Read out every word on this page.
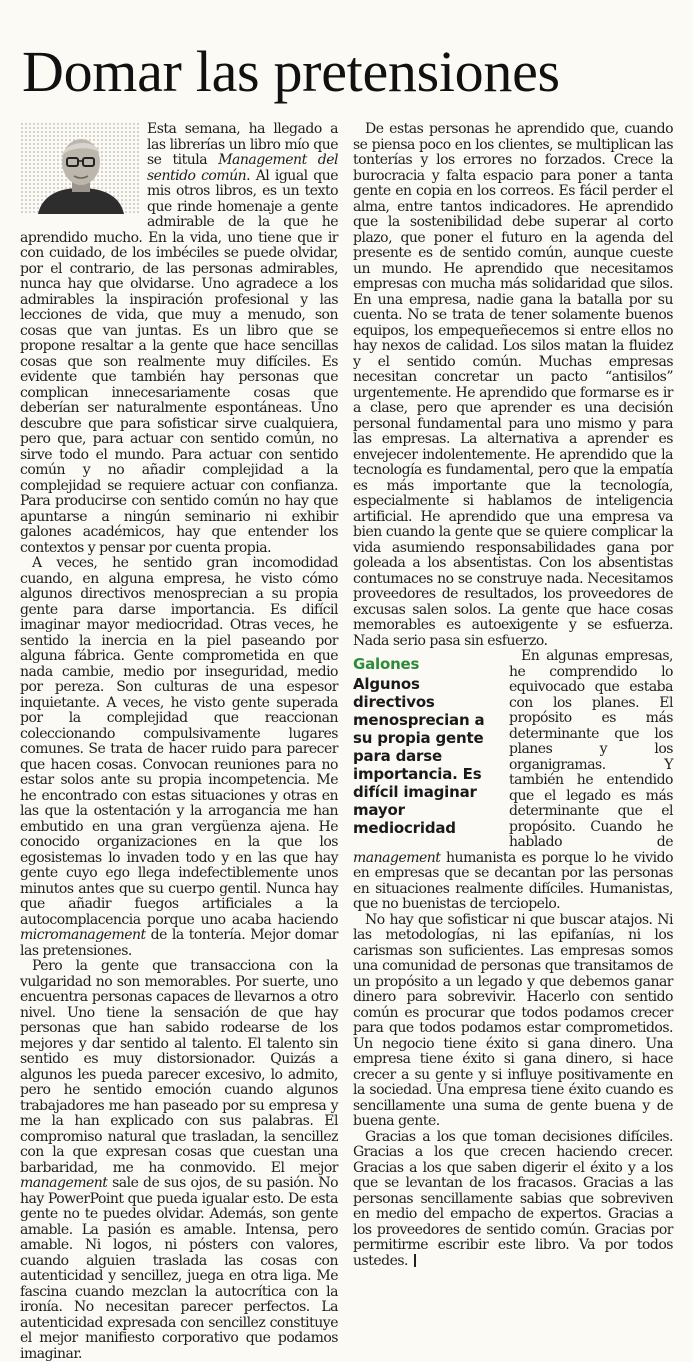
Domar las pretensiones

Esta semana, ha llegado a las librerías un libro mío que se titula Management del sentido común. Al igual que mis otros libros, es un texto que rinde homenaje a gente admirable de la que he aprendido mucho. En la vida, uno tiene que ir con cuidado, de los imbéciles se puede olvidar, por el contrario, de las personas admirables, nunca hay que olvidarse. Uno agradece a los admirables la inspiración profesional y las lecciones de vida, que muy a menudo, son cosas que van juntas. Es un libro que se propone resaltar a la gente que hace sencillas cosas que son realmente muy difíciles. Es evidente que también hay personas que complican innecesariamente cosas que deberían ser naturalmente espontáneas. Uno descubre que para sofisticar sirve cualquiera, pero que, para actuar con sentido común, no sirve todo el mundo. Para actuar con sentido común y no añadir complejidad a la complejidad se requiere actuar con confianza. Para producirse con sentido común no hay que apuntarse a ningún seminario ni exhibir galones académicos, hay que entender los contextos y pensar por cuenta propia.

A veces, he sentido gran incomodidad cuando, en alguna empresa, he visto cómo algunos directivos menosprecian a su propia gente para darse importancia. Es difícil imaginar mayor mediocridad. Otras veces, he sentido la inercia en la piel paseando por alguna fábrica. Gente comprometida en que nada cambie, medio por inseguridad, medio por pereza. Son culturas de una espesor inquietante. A veces, he visto gente superada por la complejidad que reaccionan coleccionando compulsivamente lugares comunes. Se trata de hacer ruido para parecer que hacen cosas. Convocan reuniones para no estar solos ante su propia incompetencia. Me he encontrado con estas situaciones y otras en las que la ostentación y la arrogancia me han embutido en una gran vergüenza ajena. He conocido organizaciones en la que los egosistemas lo invaden todo y en las que hay gente cuyo ego llega indefectiblemente unos minutos antes que su cuerpo gentil. Nunca hay que añadir fuegos artificiales a la autocomplacencia porque uno acaba haciendo micromanagement de la tontería. Mejor domar las pretensiones.

Pero la gente que transacciona con la vulgaridad no son memorables. Por suerte, uno encuentra personas capaces de llevarnos a otro nivel. Uno tiene la sensación de que hay personas que han sabido rodearse de los mejores y dar sentido al talento. El talento sin sentido es muy distorsionador. Quizás a algunos les pueda parecer excesivo, lo admito, pero he sentido emoción cuando algunos trabajadores me han paseado por su empresa y me la han explicado con sus palabras. El compromiso natural que trasladan, la sencillez con la que expresan cosas que cuestan una barbaridad, me ha conmovido. El mejor management sale de sus ojos, de su pasión. No hay PowerPoint que pueda igualar esto. De esta gente no te puedes olvidar. Además, son gente amable. La pasión es amable. Intensa, pero amable. Ni logos, ni pósters con valores, cuando alguien traslada las cosas con autenticidad y sencillez, juega en otra liga. Me fascina cuando mezclan la autocrítica con la ironía. No necesitan parecer perfectos. La autenticidad expresada con sencillez constituye el mejor manifiesto corporativo que podamos imaginar.

De estas personas he aprendido que, cuando se piensa poco en los clientes, se multiplican las tonterías y los errores no forzados. Crece la burocracia y falta espacio para poner a tanta gente en copia en los correos. Es fácil perder el alma, entre tantos indicadores. He aprendido que la sostenibilidad debe superar al corto plazo, que poner el futuro en la agenda del presente es de sentido común, aunque cueste un mundo. He aprendido que necesitamos empresas con mucha más solidaridad que silos. En una empresa, nadie gana la batalla por su cuenta. No se trata de tener solamente buenos equipos, los empequeñecemos si entre ellos no hay nexos de calidad. Los silos matan la fluidez y el sentido común. Muchas empresas necesitan concretar un pacto “antisilos” urgentemente. He aprendido que formarse es ir a clase, pero que aprender es una decisión personal fundamental para uno mismo y para las empresas. La alternativa a aprender es envejecer indolentemente. He aprendido que la tecnología es fundamental, pero que la empatía es más importante que la tecnología, especialmente si hablamos de inteligencia artificial. He aprendido que una empresa va bien cuando la gente que se quiere complicar la vida asumiendo responsabilidades gana por goleada a los absentistas. Con los absentistas contumaces no se construye nada. Necesitamos proveedores de resultados, los proveedores de excusas salen solos. La gente que hace cosas memorables es autoexigente y se esfuerza. Nada serio pasa sin esfuerzo.

Galones
Algunos directivos menosprecian a su propia gente para darse importancia. Es difícil imaginar mayor mediocridad

En algunas empresas, he comprendido lo equivocado que estaba con los planes. El propósito es más determinante que los planes y los organigramas. Y también he entendido que el legado es más determinante que el propósito. Cuando he hablado de management humanista es porque lo he vivido en empresas que se decantan por las personas en situaciones realmente difíciles. Humanistas, que no buenistas de terciopelo.

No hay que sofisticar ni que buscar atajos. Ni las metodologías, ni las epifanías, ni los carismas son suficientes. Las empresas somos una comunidad de personas que transitamos de un propósito a un legado y que debemos ganar dinero para sobrevivir. Hacerlo con sentido común es procurar que todos podamos crecer para que todos podamos estar comprometidos. Un negocio tiene éxito si gana dinero. Una empresa tiene éxito si gana dinero, si hace crecer a su gente y si influye positivamente en la sociedad. Una empresa tiene éxito cuando es sencillamente una suma de gente buena y de buena gente.

Gracias a los que toman decisiones difíciles. Gracias a los que crecen haciendo crecer. Gracias a los que saben digerir el éxito y a los que se levantan de los fracasos. Gracias a las personas sencillamente sabias que sobreviven en medio del empacho de expertos. Gracias a los proveedores de sentido común. Gracias por permitirme escribir este libro. Va por todos ustedes.
